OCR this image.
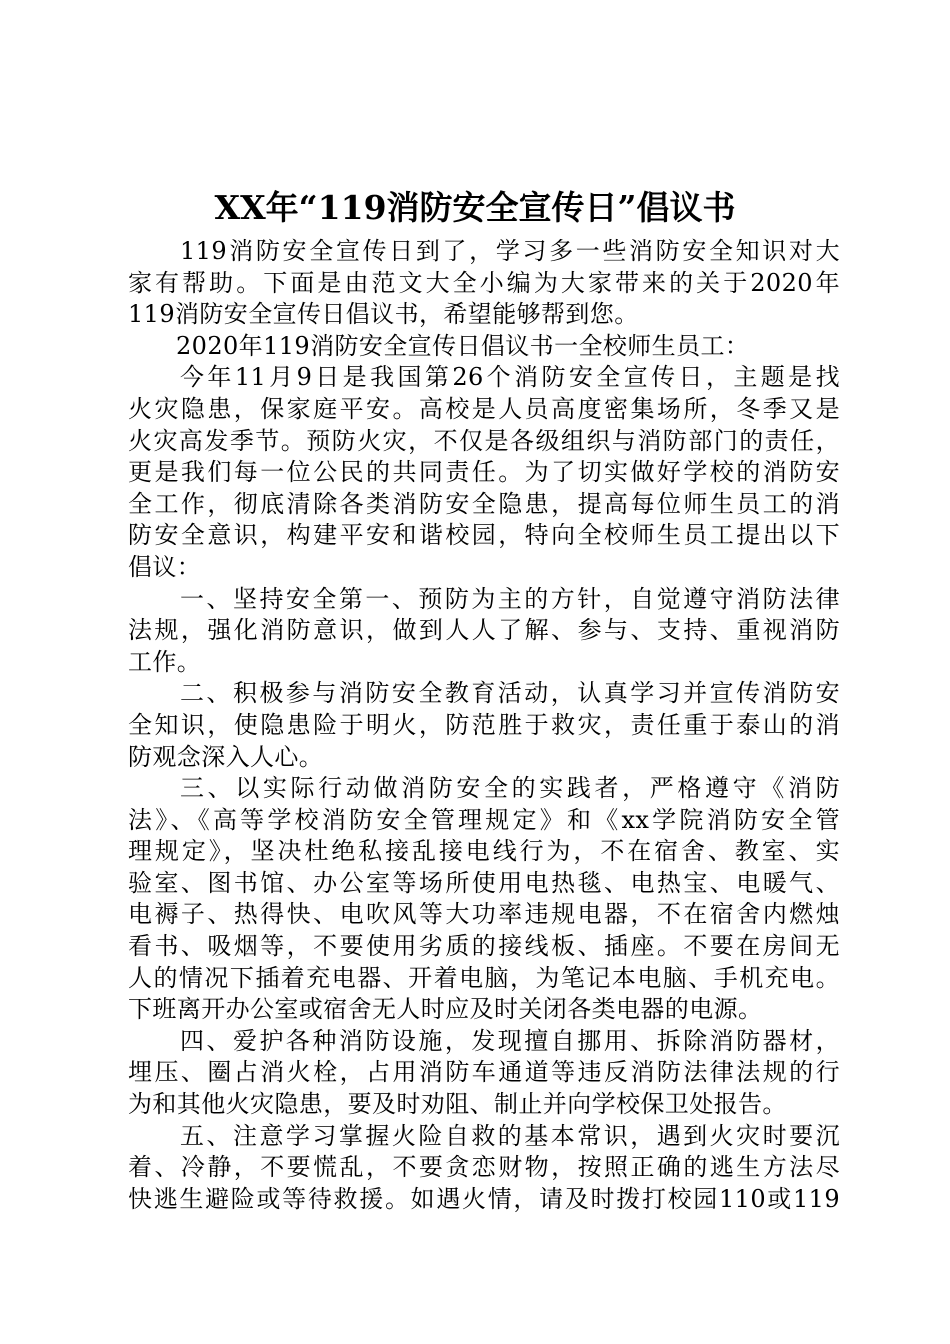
XX年“119消防安全宣传日”倡议书
119消防安全宣传日到了，学习多一些消防安全知识对大
家有帮助。下面是由范文大全小编为大家带来的关于2020年
119消防安全宣传日倡议书，希望能够帮到您。
2020年119消防安全宣传日倡议书一全校师生员工：
今年11月9日是我国第26个消防安全宣传日，主题是找
火灾隐患，保家庭平安。高校是人员高度密集场所，冬季又是
火灾高发季节。预防火灾，不仅是各级组织与消防部门的责任，
更是我们每一位公民的共同责任。为了切实做好学校的消防安
全工作，彻底清除各类消防安全隐患，提高每位师生员工的消
防安全意识，构建平安和谐校园，特向全校师生员工提出以下
倡议：
一、坚持安全第一、预防为主的方针，自觉遵守消防法律
法规，强化消防意识，做到人人了解、参与、支持、重视消防
工作。
二、积极参与消防安全教育活动，认真学习并宣传消防安
全知识，使隐患险于明火，防范胜于救灾，责任重于泰山的消
防观念深入人心。
三、以实际行动做消防安全的实践者，严格遵守《消防
法》、《高等学校消防安全管理规定》和《xx学院消防安全管
理规定》，坚决杜绝私接乱接电线行为，不在宿舍、教室、实
验室、图书馆、办公室等场所使用电热毯、电热宝、电暖气、
电褥子、热得快、电吹风等大功率违规电器，不在宿舍内燃烛
看书、吸烟等，不要使用劣质的接线板、插座。不要在房间无
人的情况下插着充电器、开着电脑，为笔记本电脑、手机充电。
下班离开办公室或宿舍无人时应及时关闭各类电器的电源。
四、爱护各种消防设施，发现擅自挪用、拆除消防器材，
埋压、圈占消火栓，占用消防车通道等违反消防法律法规的行
为和其他火灾隐患，要及时劝阻、制止并向学校保卫处报告。
五、注意学习掌握火险自救的基本常识，遇到火灾时要沉
着、冷静，不要慌乱，不要贪恋财物，按照正确的逃生方法尽
快逃生避险或等待救援。如遇火情，请及时拨打校园110或119
